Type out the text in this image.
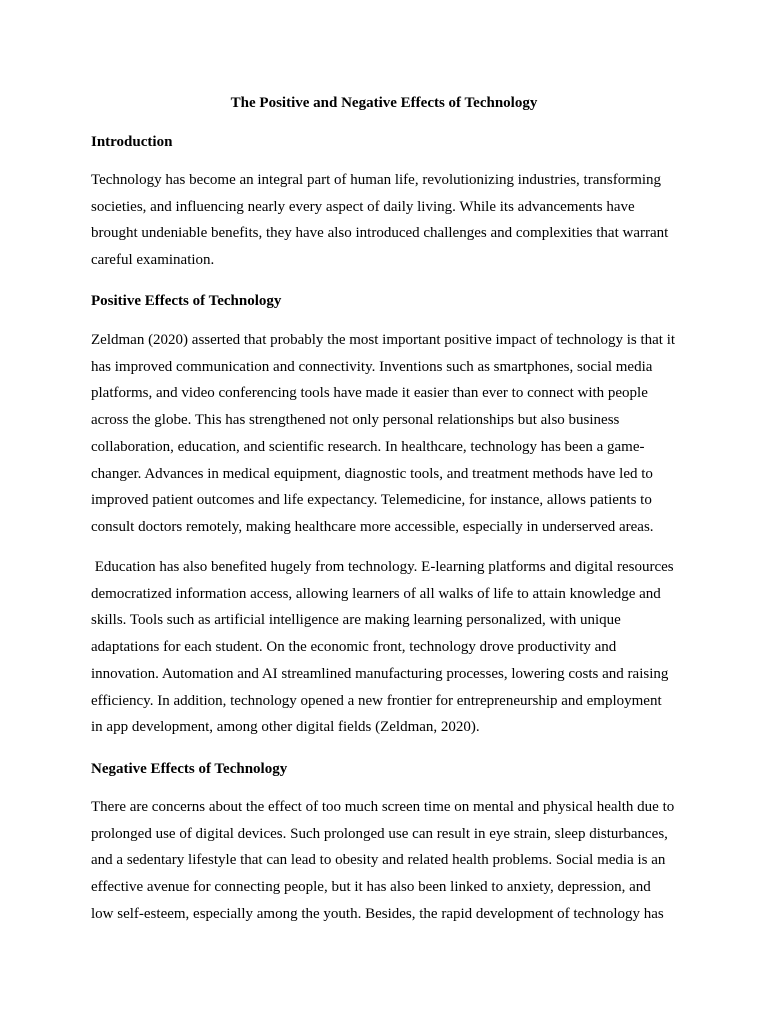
The Positive and Negative Effects of Technology
Introduction
Technology has become an integral part of human life, revolutionizing industries, transforming
societies, and influencing nearly every aspect of daily living. While its advancements have
brought undeniable benefits, they have also introduced challenges and complexities that warrant
careful examination.
Positive Effects of Technology
Zeldman (2020) asserted that probably the most important positive impact of technology is that it
has improved communication and connectivity. Inventions such as smartphones, social media
platforms, and video conferencing tools have made it easier than ever to connect with people
across the globe. This has strengthened not only personal relationships but also business
collaboration, education, and scientific research. In healthcare, technology has been a game-
changer. Advances in medical equipment, diagnostic tools, and treatment methods have led to
improved patient outcomes and life expectancy. Telemedicine, for instance, allows patients to
consult doctors remotely, making healthcare more accessible, especially in underserved areas.
Education has also benefited hugely from technology. E-learning platforms and digital resources
democratized information access, allowing learners of all walks of life to attain knowledge and
skills. Tools such as artificial intelligence are making learning personalized, with unique
adaptations for each student. On the economic front, technology drove productivity and
innovation. Automation and AI streamlined manufacturing processes, lowering costs and raising
efficiency. In addition, technology opened a new frontier for entrepreneurship and employment
in app development, among other digital fields (Zeldman, 2020).
Negative Effects of Technology
There are concerns about the effect of too much screen time on mental and physical health due to
prolonged use of digital devices. Such prolonged use can result in eye strain, sleep disturbances,
and a sedentary lifestyle that can lead to obesity and related health problems. Social media is an
effective avenue for connecting people, but it has also been linked to anxiety, depression, and
low self-esteem, especially among the youth. Besides, the rapid development of technology has
